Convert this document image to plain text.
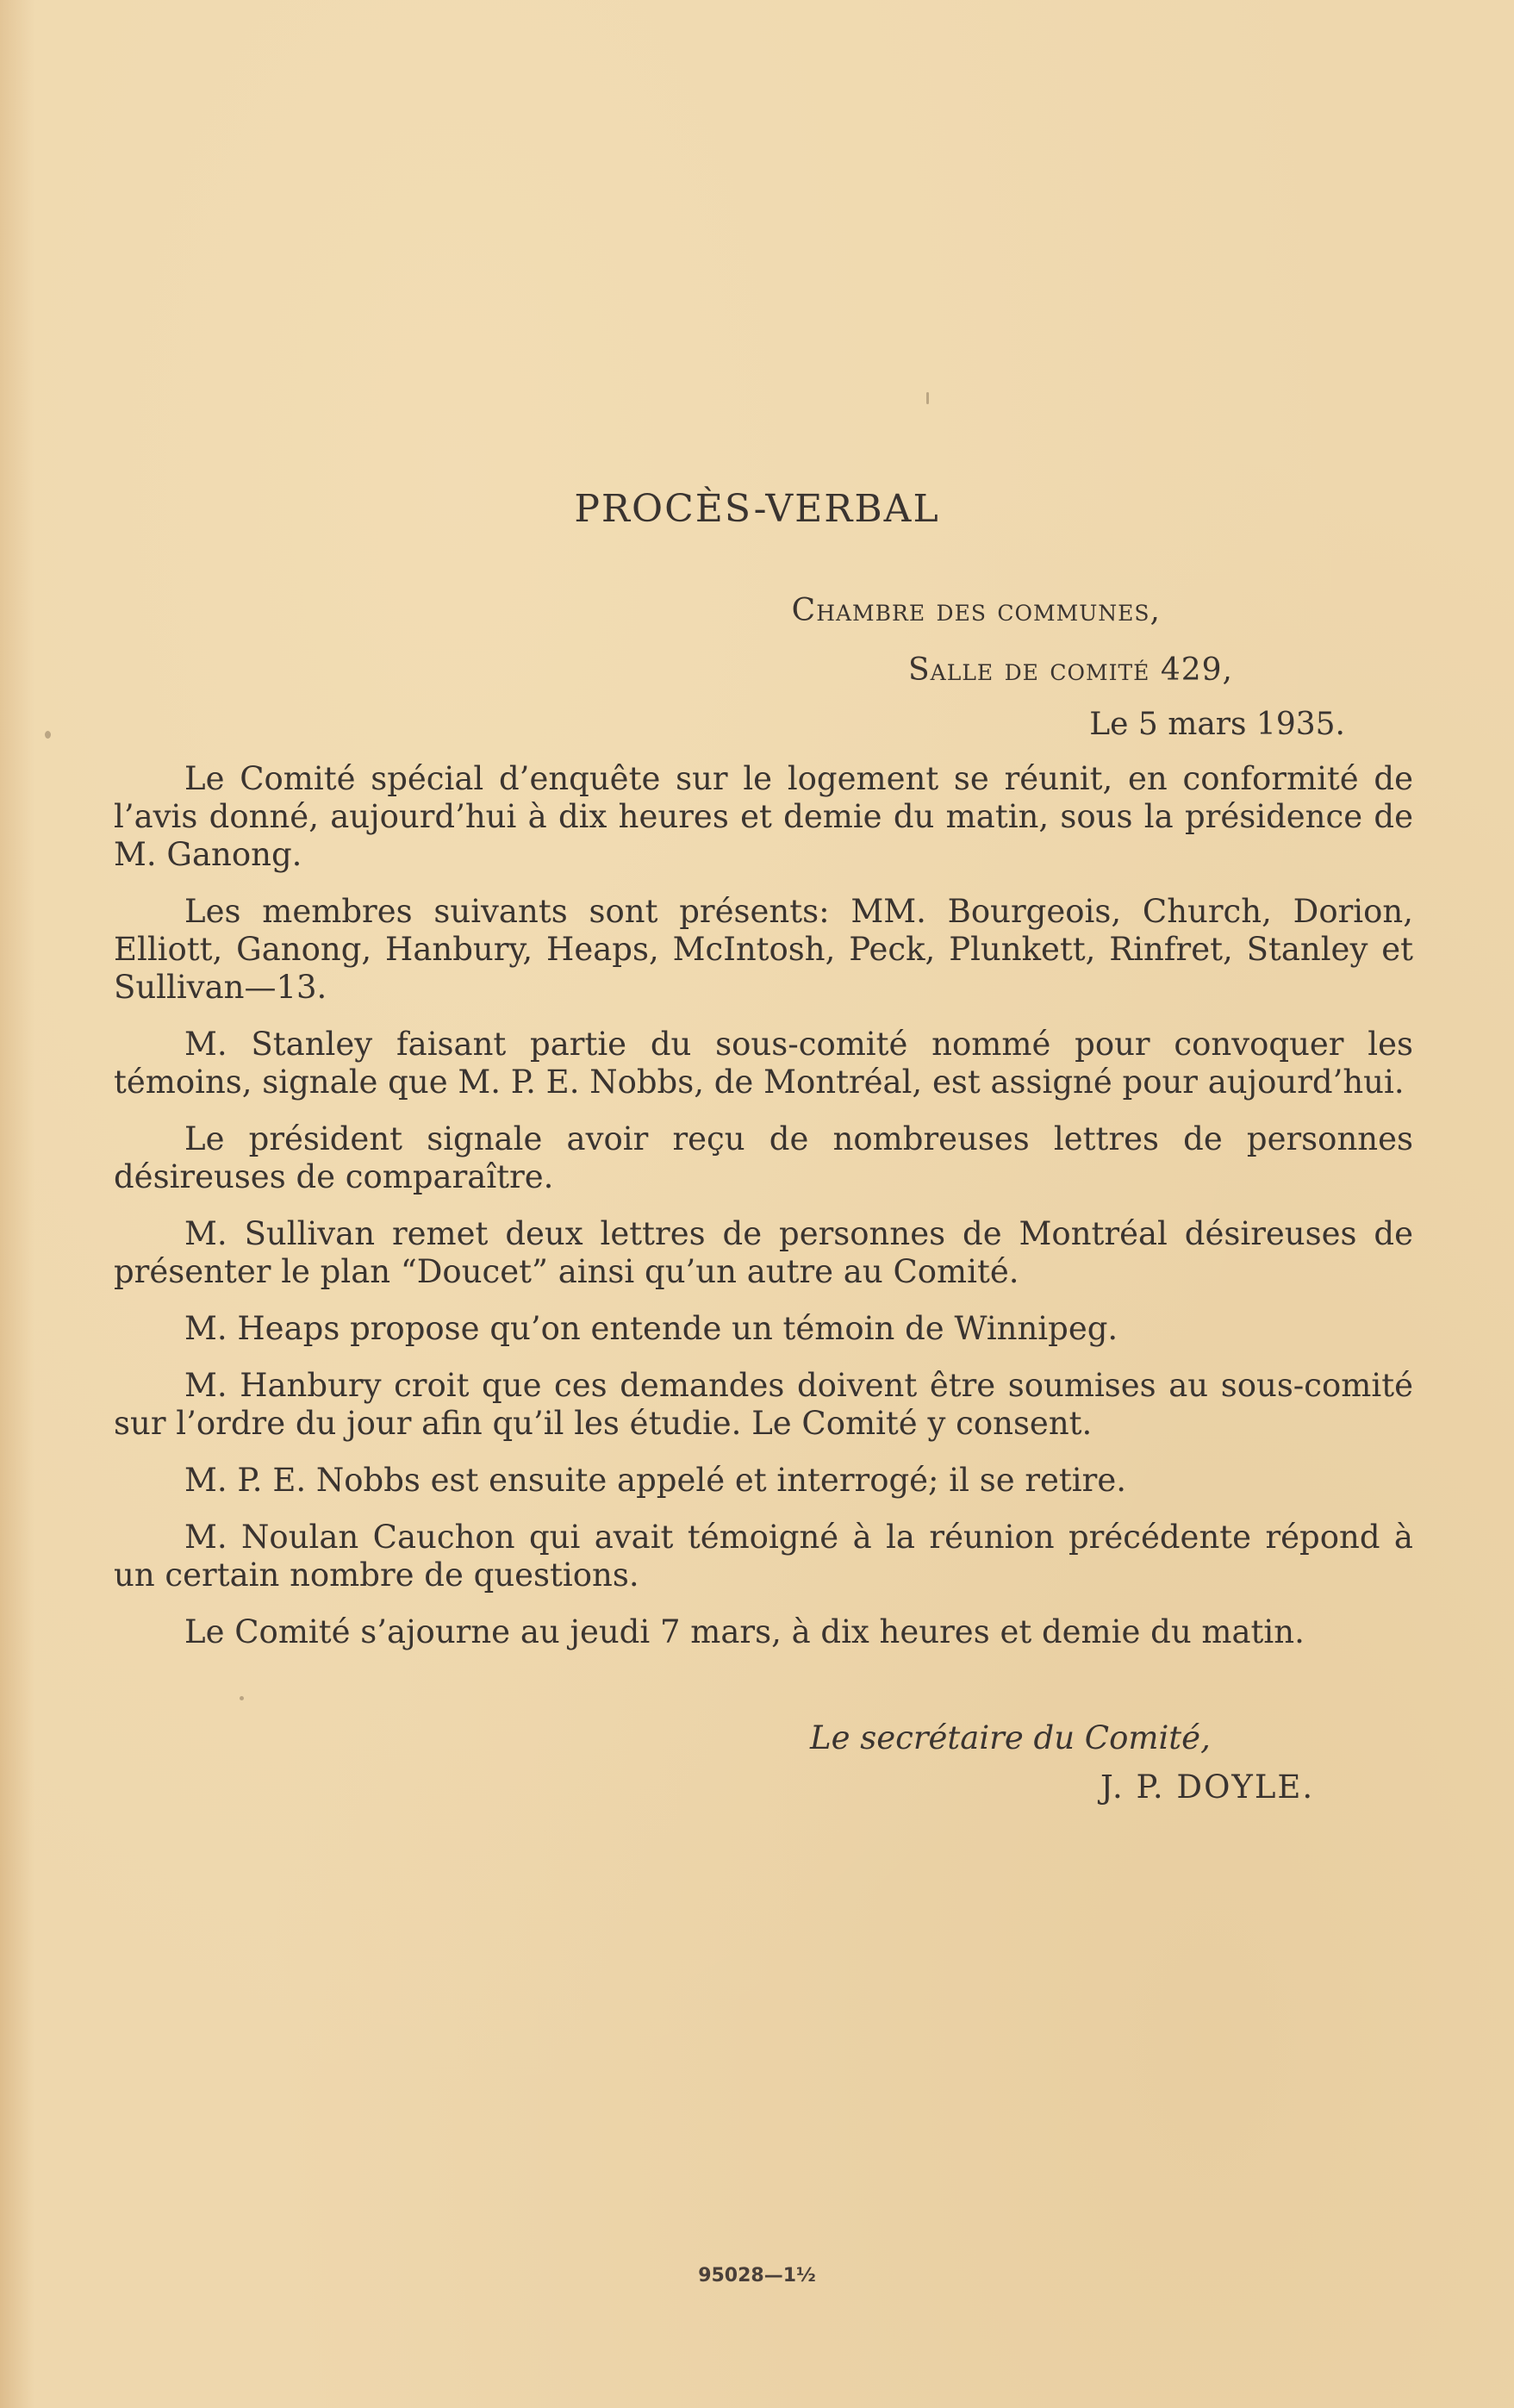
PROCÈS-VERBAL
Chambre des communes,
Salle de comité 429,
Le 5 mars 1935.

Le Comité spécial d’enquête sur le logement se réunit, en conformité de l’avis donné, aujourd’hui à dix heures et demie du matin, sous la présidence de M. Ganong.

Les membres suivants sont présents: MM. Bourgeois, Church, Dorion, Elliott, Ganong, Hanbury, Heaps, McIntosh, Peck, Plunkett, Rinfret, Stanley et Sullivan—13.

M. Stanley faisant partie du sous-comité nommé pour convoquer les témoins, signale que M. P. E. Nobbs, de Montréal, est assigné pour aujourd’hui.

Le président signale avoir reçu de nombreuses lettres de personnes désireuses de comparaître.

M. Sullivan remet deux lettres de personnes de Montréal désireuses de présenter le plan “Doucet” ainsi qu’un autre au Comité.

M. Heaps propose qu’on entende un témoin de Winnipeg.

M. Hanbury croit que ces demandes doivent être soumises au sous-comité sur l’ordre du jour afin qu’il les étudie. Le Comité y consent.

M. P. E. Nobbs est ensuite appelé et interrogé; il se retire.

M. Noulan Cauchon qui avait témoigné à la réunion précédente répond à un certain nombre de questions.

Le Comité s’ajourne au jeudi 7 mars, à dix heures et demie du matin.

Le secrétaire du Comité,
J. P. DOYLE.
95028—1½
